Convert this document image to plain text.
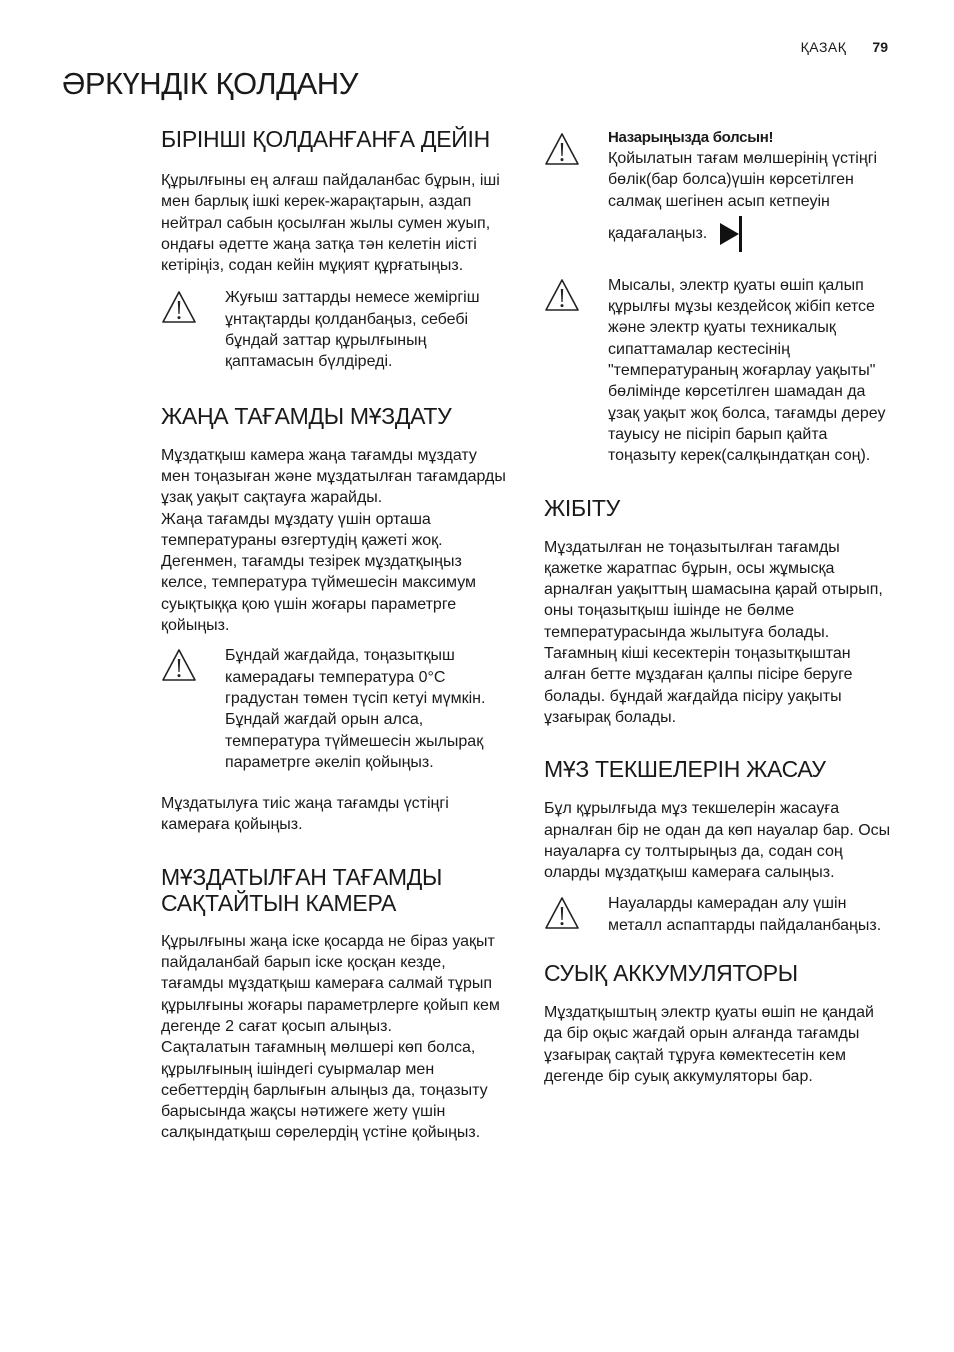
ҚАЗАҚ 79
ӘРКҮНДІК ҚОЛДАНУ
БІРІНШІ ҚОЛДАНҒАНҒА ДЕЙІН

Құрылғыны ең алғаш пайдаланбас бұрын, іші

мен барлық ішкі керек-жарақтарын, аздап

нейтрал сабын қосылған жылы сумен жуып,

ондағы әдетте жаңа затқа тән келетін иісті

кетіріңіз, содан кейін мұқият құрғатыңыз.

Жуғыш заттарды немесе жеміргіш

ұнтақтарды қолданбаңыз, себебі

бұндай заттар құрылғының

қаптамасын бүлдіреді.

ЖАҢА ТАҒАМДЫ МҰЗДАТУ

Мұздатқыш камера жаңа тағамды мұздату

мен тоңазыған және мұздатылған тағамдарды

ұзақ уақыт сақтауға жарайды.

Жаңа тағамды мұздату үшін орташа

температураны өзгертудің қажеті жоқ.

Дегенмен, тағамды тезірек мұздатқыңыз

келсе, температура түймешесін максимум

суықтыққа қою үшін жоғары параметрге

қойыңыз.

Бұндай жағдайда, тоңазытқыш

камерадағы температура 0°C

градустан төмен түсіп кетуі мүмкін.

Бұндай жағдай орын алса,

температура түймешесін жылырақ

параметрге әкеліп қойыңыз.

Мұздатылуға тиіс жаңа тағамды үстіңгі

камераға қойыңыз.

МҰЗДАТЫЛҒАН ТАҒАМДЫ
САҚТАЙТЫН КАМЕРА

Құрылғыны жаңа іске қосарда не біраз уақыт

пайдаланбай барып іске қосқан кезде,

тағамды мұздатқыш камераға салмай тұрып

құрылғыны жоғары параметрлерге қойып кем

дегенде 2 сағат қосып алыңыз.

Сақталатын тағамның мөлшері көп болса,

құрылғының ішіндегі суырмалар мен

себеттердің барлығын алыңыз да, тоңазыту

барысында жақсы нәтижеге жету үшін

салқындатқыш сөрелердің үстіне қойыңыз.

Назарыңызда болсын!

Қойылатын тағам мөлшерінің үстіңгі

бөлік(бар болса)үшін көрсетілген

салмақ шегінен асып кетпеуін

қадағалаңыз.

Мысалы, электр қуаты өшіп қалып

құрылғы мұзы кездейсоқ жібіп кетсе

және электр қуаты техникалық

сипаттамалар кестесінің

"температураның жоғарлау уақыты"

бөлімінде көрсетілген шамадан да

ұзақ уақыт жоқ болса, тағамды дереу

тауысу не пісіріп барып қайта

тоңазыту керек(салқындатқан соң).

ЖІБІТУ

Мұздатылған не тоңазытылған тағамды

қажетке жаратпас бұрын, осы жұмысқа

арналған уақыттың шамасына қарай отырып,

оны тоңазытқыш ішінде не бөлме

температурасында жылытуға болады.

Тағамның кіші кесектерін тоңазытқыштан

алған бетте мұздаған қалпы пісіре беруге

болады. бұндай жағдайда пісіру уақыты

ұзағырақ болады.

МҰЗ ТЕКШЕЛЕРІН ЖАСАУ

Бұл құрылғыда мұз текшелерін жасауға

арналған бір не одан да көп науалар бар. Осы

науаларға су толтырыңыз да, содан соң

оларды мұздатқыш камераға салыңыз.

Науаларды камерадан алу үшін

металл аспаптарды пайдаланбаңыз.

СУЫҚ АККУМУЛЯТОРЫ

Мұздатқыштың электр қуаты өшіп не қандай

да бір оқыс жағдай орын алғанда тағамды

ұзағырақ сақтай тұруға көмектесетін кем

дегенде бір суық аккумуляторы бар.
